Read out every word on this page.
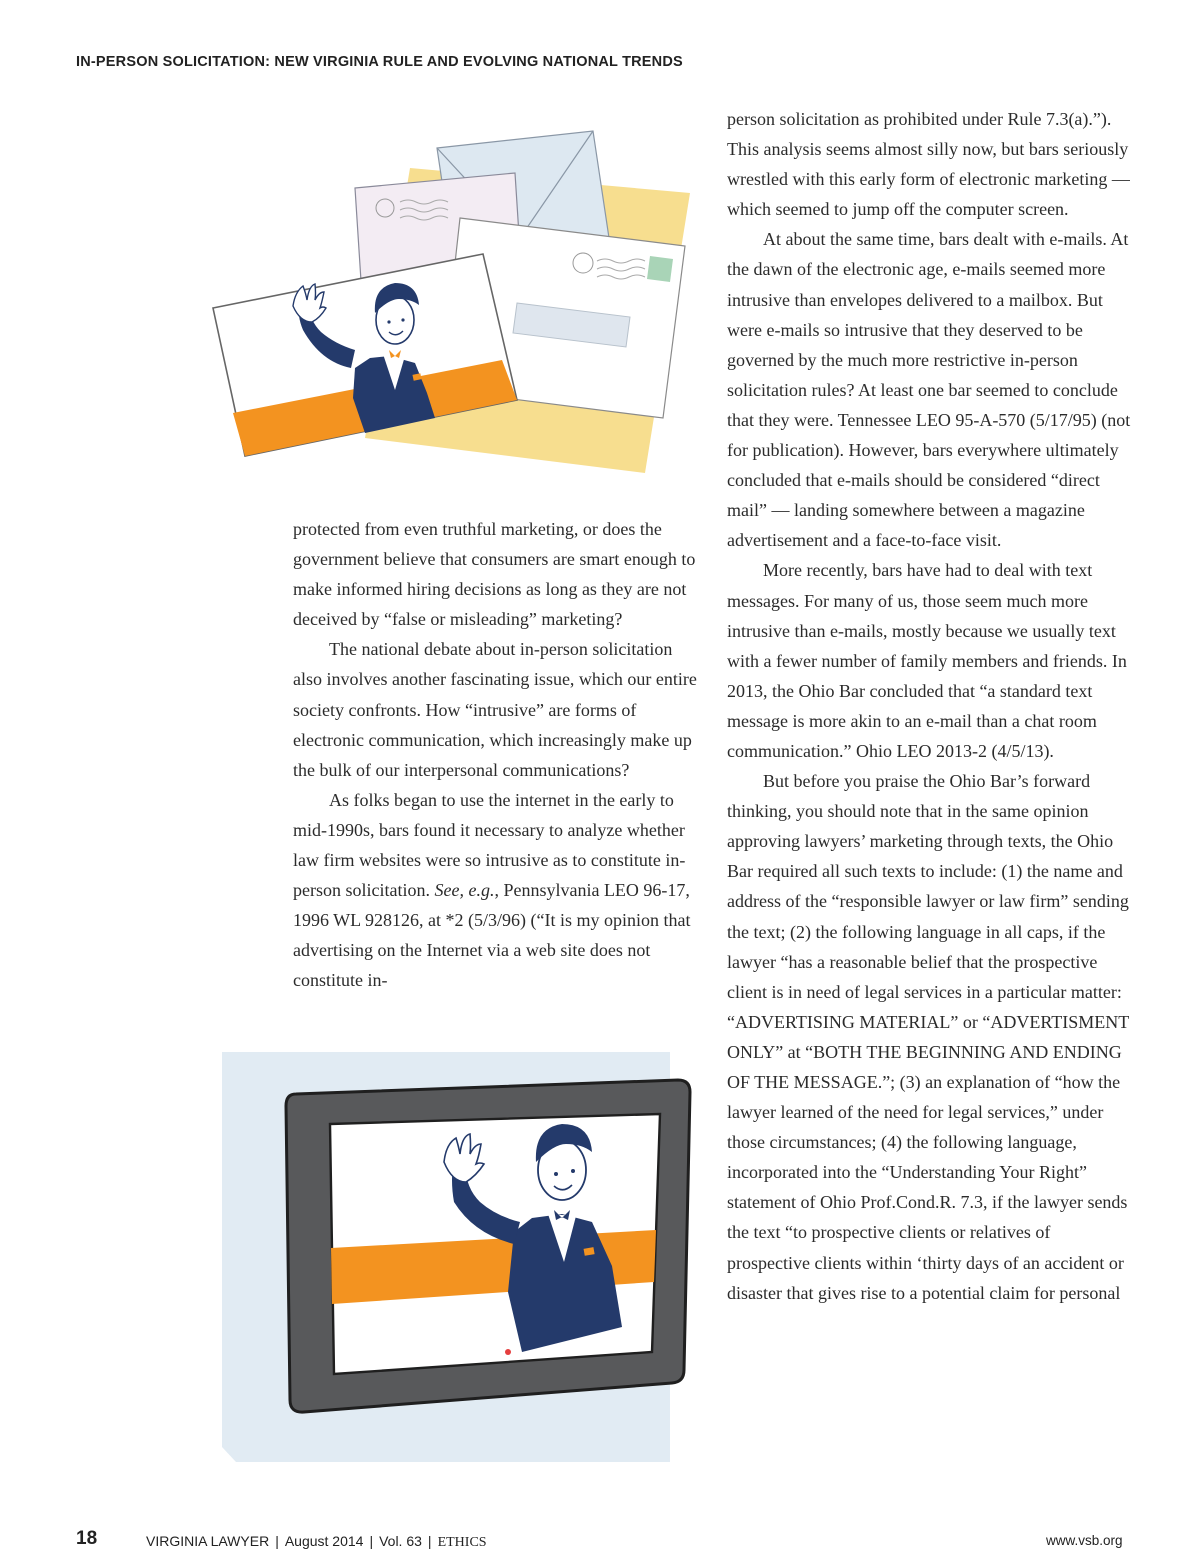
IN-PERSON SOLICITATION: NEW VIRGINIA RULE AND EVOLVING NATIONAL TRENDS

protected from even truthful marketing, or does the government believe that consumers are smart enough to make informed hiring decisions as long as they are not deceived by “false or misleading” marketing?

The national debate about in-person solicitation also involves another fascinating issue, which our entire society confronts. How “intrusive” are forms of electronic communication, which increasingly make up the bulk of our interpersonal communications?

As folks began to use the internet in the early to mid-1990s, bars found it necessary to analyze whether law firm websites were so intrusive as to constitute in-person solicitation. See, e.g., Pennsylvania LEO 96-17, 1996 WL 928126, at *2 (5/3/96) (“It is my opinion that advertising on the Internet via a web site does not constitute in-

person solicitation as prohibited under Rule 7.3(a).”). This analysis seems almost silly now, but bars seriously wrestled with this early form of electronic marketing — which seemed to jump off the computer screen.

At about the same time, bars dealt with e-mails. At the dawn of the electronic age, e-mails seemed more intrusive than envelopes delivered to a mailbox. But were e-mails so intrusive that they deserved to be governed by the much more restrictive in-person solicitation rules? At least one bar seemed to conclude that they were. Tennessee LEO 95-A-570 (5/17/95) (not for publication). However, bars everywhere ultimately concluded that e-mails should be considered “direct mail” — landing somewhere between a magazine advertisement and a face-to-face visit.

More recently, bars have had to deal with text messages. For many of us, those seem much more intrusive than e-mails, mostly because we usually text with a fewer number of family members and friends. In 2013, the Ohio Bar concluded that “a standard text message is more akin to an e-mail than a chat room communication.” Ohio LEO 2013-2 (4/5/13).

But before you praise the Ohio Bar’s forward thinking, you should note that in the same opinion approving lawyers’ marketing through texts, the Ohio Bar required all such texts to include: (1) the name and address of the “responsible lawyer or law firm” sending the text; (2) the following language in all caps, if the lawyer “has a reasonable belief that the prospective client is in need of legal services in a particular matter: “ADVERTISING MATERIAL” or “ADVERTISMENT ONLY” at “BOTH THE BEGINNING AND ENDING OF THE MESSAGE.”; (3) an explanation of “how the lawyer learned of the need for legal services,” under those circumstances; (4) the following language, incorporated into the “Understanding Your Right” statement of Ohio Prof.Cond.R. 7.3, if the lawyer sends the text “to prospective clients or relatives of prospective clients within ‘thirty days of an accident or disaster that gives rise to a potential claim for personal

18	VIRGINIA LAWYER | August 2014 | Vol. 63 | ETHICS	www.vsb.org
